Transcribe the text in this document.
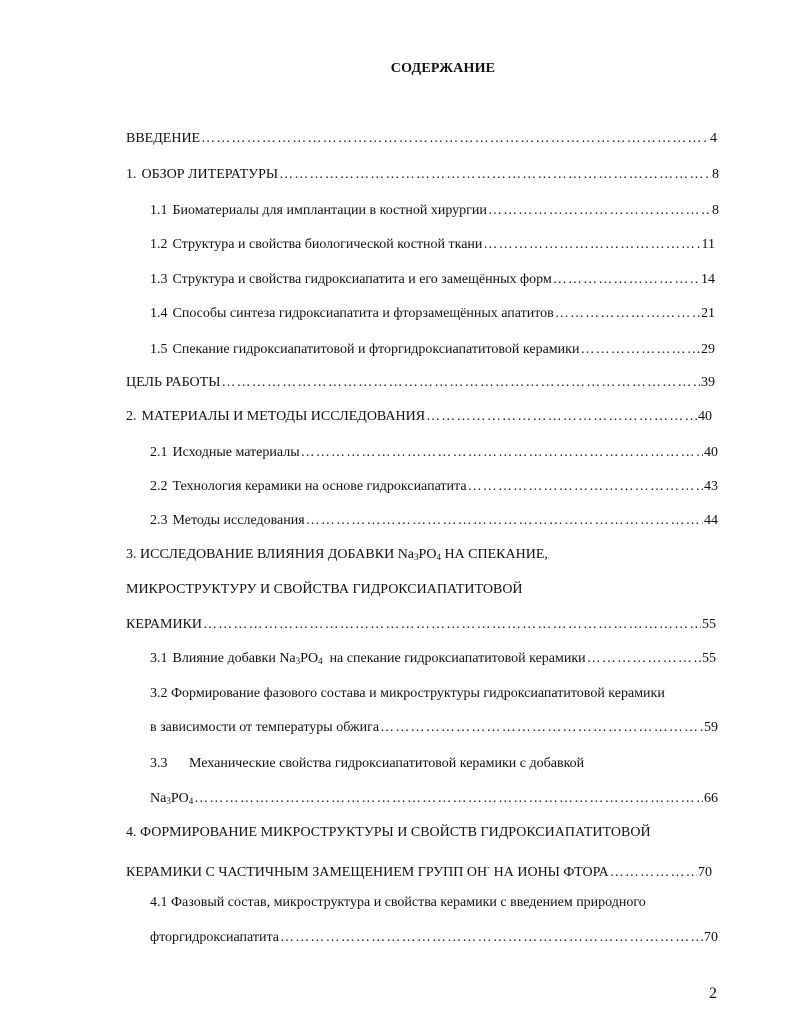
СОДЕРЖАНИЕ
ВВЕДЕНИЕ ……………………………………………………………………………………………………………………………………………………………………………………	4
1. ОБЗОР ЛИТЕРАТУРЫ ……………………………………………………………………………………………………………………………………………………………………………………	8
1.1 Биоматериалы для имплантации в костной хирургии ……………………………………………………………………………………………………………………………………………………………………………………	8
1.2 Структура и свойства биологической костной ткани ……………………………………………………………………………………………………………………………………………………………………………………	11
1.3 Структура и свойства гидроксиапатита и его замещённых форм ……………………………………………………………………………………………………………………………………………………………………………………	14
1.4 Способы синтеза гидроксиапатита и фторзамещённых апатитов ……………………………………………………………………………………………………………………………………………………………………………………	21
1.5 Спекание гидроксиапатитовой и фторгидроксиапатитовой керамики ……………………………………………………………………………………………………………………………………………………………………………………	29
ЦЕЛЬ РАБОТЫ ……………………………………………………………………………………………………………………………………………………………………………………	39
2. МАТЕРИАЛЫ И МЕТОДЫ ИССЛЕДОВАНИЯ ……………………………………………………………………………………………………………………………………………………………………………………	40
2.1 Исходные материалы ……………………………………………………………………………………………………………………………………………………………………………………	40
2.2 Технология керамики на основе гидроксиапатита ……………………………………………………………………………………………………………………………………………………………………………………	43
2.3 Методы исследования ……………………………………………………………………………………………………………………………………………………………………………………	44
3. ИССЛЕДОВАНИЕ ВЛИЯНИЯ ДОБАВКИ $Na_3PO_4$ НА СПЕКАНИЕ,
МИКРОСТРУКТУРУ И СВОЙСТВА ГИДРОКСИАПАТИТОВОЙ
КЕРАМИКИ ……………………………………………………………………………………………………………………………………………………………………………………	55
3.1 Влияние добавки $Na_3PO_4$  на спекание гидроксиапатитовой керамики ……………………………………………………………………………………………………………………………………………………………………………………	55
3.2 Формирование фазового состава и микроструктуры гидроксиапатитовой керамики
в зависимости от температуры обжига ……………………………………………………………………………………………………………………………………………………………………………………	59
3.3 Механические свойства гидроксиапатитовой керамики с добавкой
$Na_3PO_4$ ……………………………………………………………………………………………………………………………………………………………………………………	66
4. ФОРМИРОВАНИЕ МИКРОСТРУКТУРЫ И СВОЙСТВ ГИДРОКСИАПАТИТОВОЙ
КЕРАМИКИ С ЧАСТИЧНЫМ ЗАМЕЩЕНИЕМ ГРУПП ОН- НА ИОНЫ ФТОРА ……………………………………………………………………………………………………………………………………………………………………………………	70
4.1 Фазовый состав, микроструктура и свойства керамики с введением природного
фторгидроксиапатита ……………………………………………………………………………………………………………………………………………………………………………………	70
2
